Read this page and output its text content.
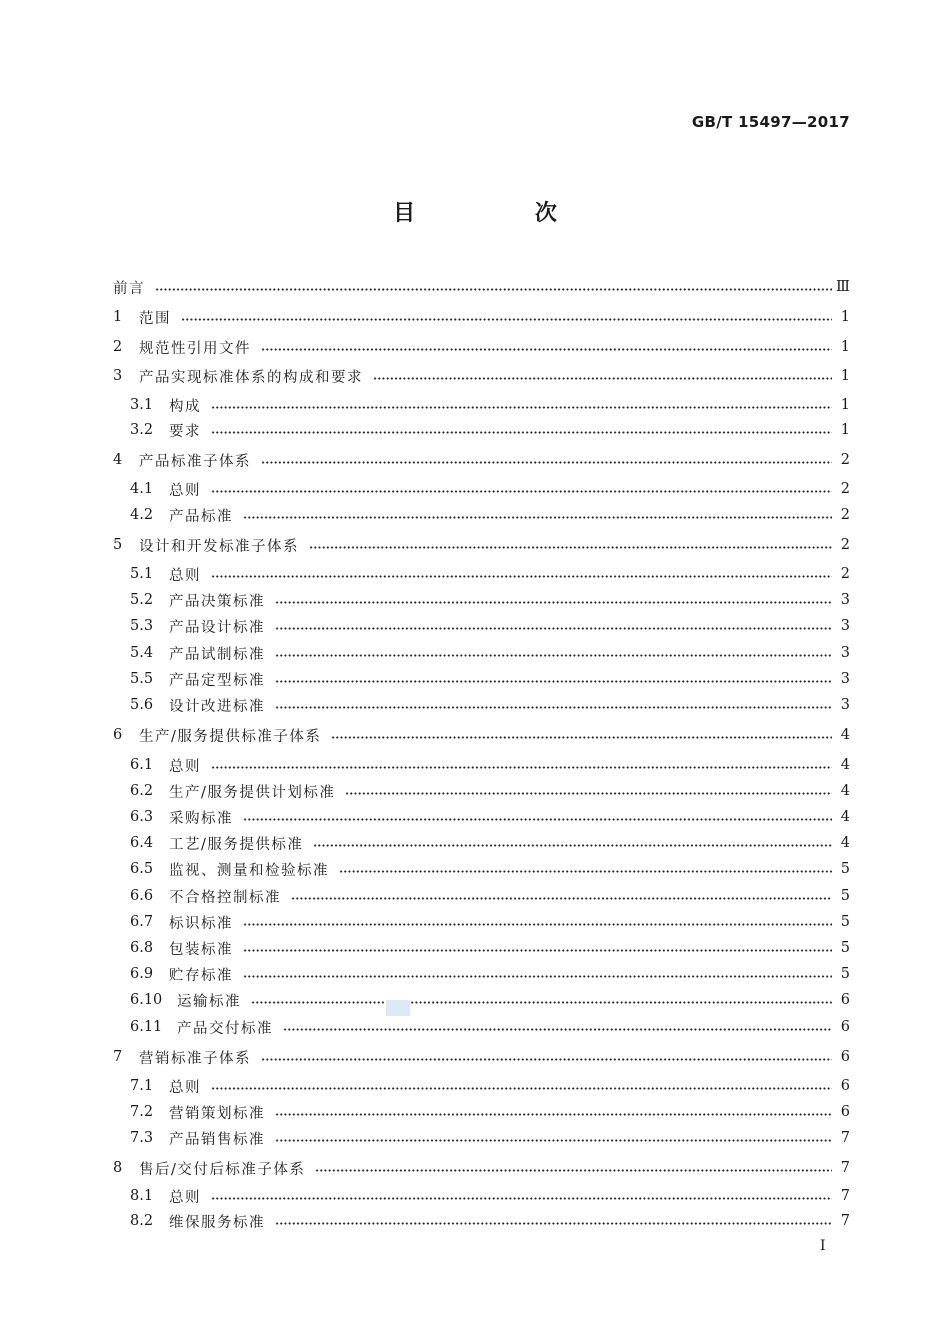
GB/T 15497—2017
目 次
前言	Ⅲ
1	范围	1
2	规范性引用文件	1
3	产品实现标准体系的构成和要求	1
3.1	构成	1
3.2	要求	1
4	产品标准子体系	2
4.1	总则	2
4.2	产品标准	2
5	设计和开发标准子体系	2
5.1	总则	2
5.2	产品决策标准	3
5.3	产品设计标准	3
5.4	产品试制标准	3
5.5	产品定型标准	3
5.6	设计改进标准	3
6	生产/服务提供标准子体系	4
6.1	总则	4
6.2	生产/服务提供计划标准	4
6.3	采购标准	4
6.4	工艺/服务提供标准	4
6.5	监视、测量和检验标准	5
6.6	不合格控制标准	5
6.7	标识标准	5
6.8	包装标准	5
6.9	贮存标准	5
6.10	运输标准	6
6.11	产品交付标准	6
7	营销标准子体系	6
7.1	总则	6
7.2	营销策划标准	6
7.3	产品销售标准	7
8	售后/交付后标准子体系	7
8.1	总则	7
8.2	维保服务标准	7
I
